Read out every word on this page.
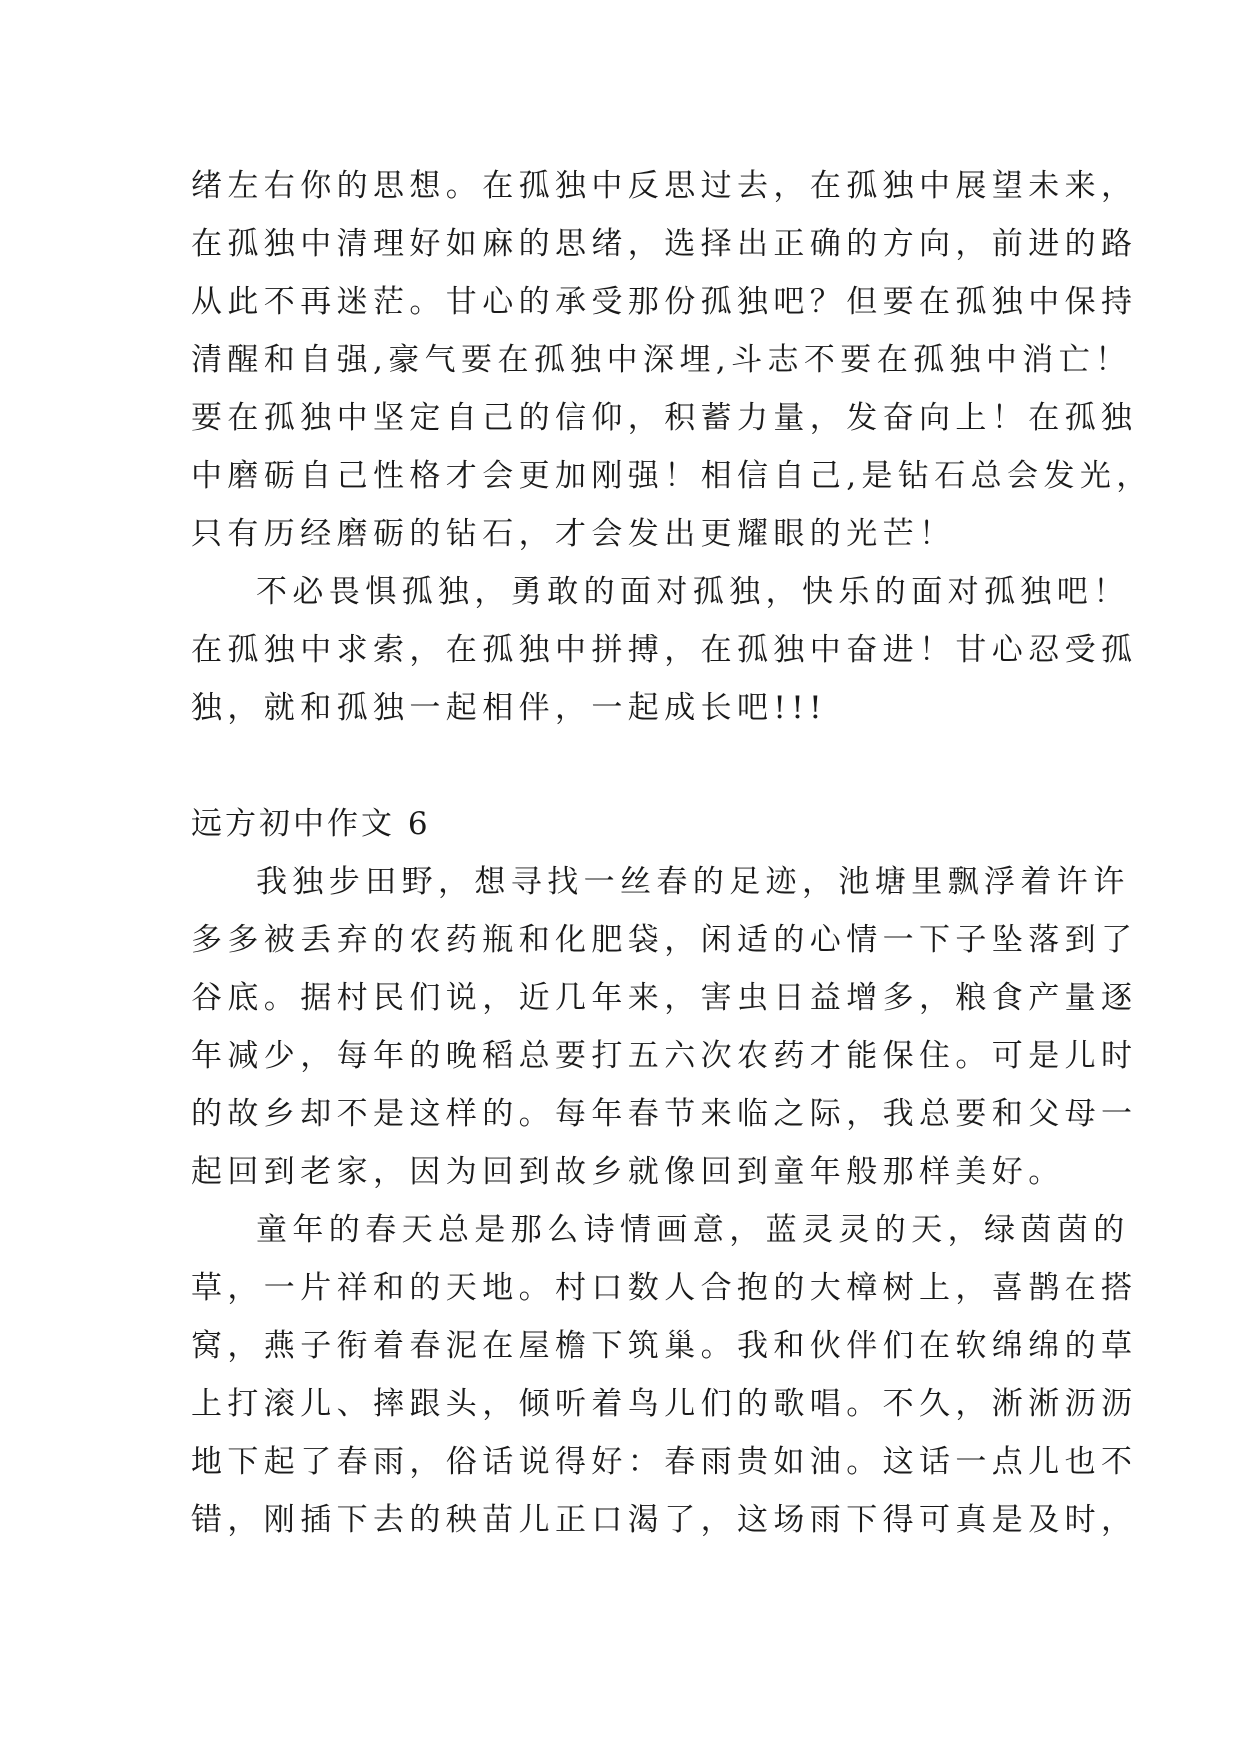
绪左右你的思想。在孤独中反思过去，在孤独中展望未来，
在孤独中清理好如麻的思绪，选择出正确的方向，前进的路
从此不再迷茫。甘心的承受那份孤独吧？但要在孤独中保持
清醒和自强,豪气要在孤独中深埋,斗志不要在孤独中消亡！
要在孤独中坚定自己的信仰，积蓄力量，发奋向上！在孤独
中磨砺自己性格才会更加刚强！相信自己,是钻石总会发光，
只有历经磨砺的钻石，才会发出更耀眼的光芒！
不必畏惧孤独，勇敢的面对孤独，快乐的面对孤独吧！
在孤独中求索，在孤独中拼搏，在孤独中奋进！甘心忍受孤
独，就和孤独一起相伴，一起成长吧!!!
远方初中作文 6
我独步田野，想寻找一丝春的足迹，池塘里飘浮着许许
多多被丢弃的农药瓶和化肥袋，闲适的心情一下子坠落到了
谷底。据村民们说，近几年来，害虫日益增多，粮食产量逐
年减少，每年的晚稻总要打五六次农药才能保住。可是儿时
的故乡却不是这样的。每年春节来临之际，我总要和父母一
起回到老家，因为回到故乡就像回到童年般那样美好。
童年的春天总是那么诗情画意，蓝灵灵的天，绿茵茵的
草，一片祥和的天地。村口数人合抱的大樟树上，喜鹊在搭
窝，燕子衔着春泥在屋檐下筑巢。我和伙伴们在软绵绵的草
上打滚儿、摔跟头，倾听着鸟儿们的歌唱。不久，淅淅沥沥
地下起了春雨，俗话说得好：春雨贵如油。这话一点儿也不
错，刚插下去的秧苗儿正口渴了，这场雨下得可真是及时，
